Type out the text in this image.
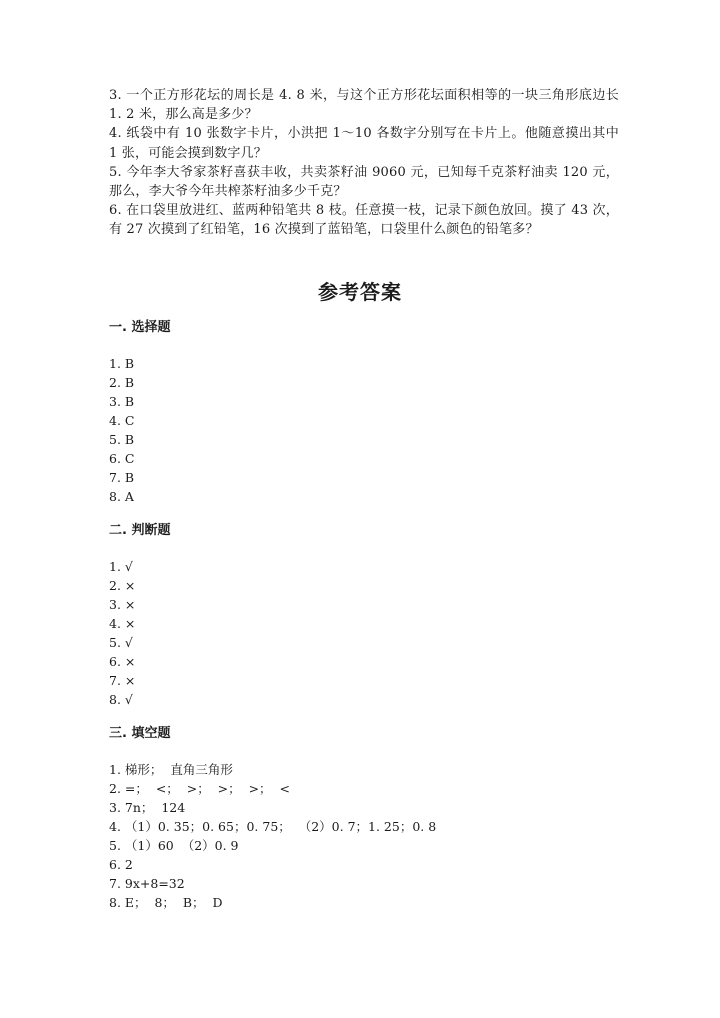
3. 一个正方形花坛的周长是 4. 8 米，与这个正方形花坛面积相等的一块三角形底边长 1. 2 米，那么高是多少？

4. 纸袋中有 10 张数字卡片，小洪把 1～10 各数字分别写在卡片上。他随意摸出其中 1 张，可能会摸到数字几？

5. 今年李大爷家茶籽喜获丰收，共卖茶籽油 9060 元，已知每千克茶籽油卖 120 元，那么，李大爷今年共榨茶籽油多少千克？

6. 在口袋里放进红、蓝两种铅笔共 8 枝。任意摸一枝，记录下颜色放回。摸了 43 次，有 27 次摸到了红铅笔，16 次摸到了蓝铅笔，口袋里什么颜色的铅笔多？

参考答案
一. 选择题
1. B
2. B
3. B
4. C
5. B
6. C
7. B
8. A
二. 判断题
1. √
2. ×
3. ×
4. ×
5. √
6. ×
7. ×
8. √
三. 填空题
1. 梯形；  直角三角形
2. =；  <；  >；  >；  >；  <
3. 7n；  124
4. （1）0. 35；0. 65；0. 75；  （2）0. 7；1. 25；0. 8
5. （1）60  （2）0. 9
6. 2
7. 9x+8=32
8. E；  8；  B；  D
